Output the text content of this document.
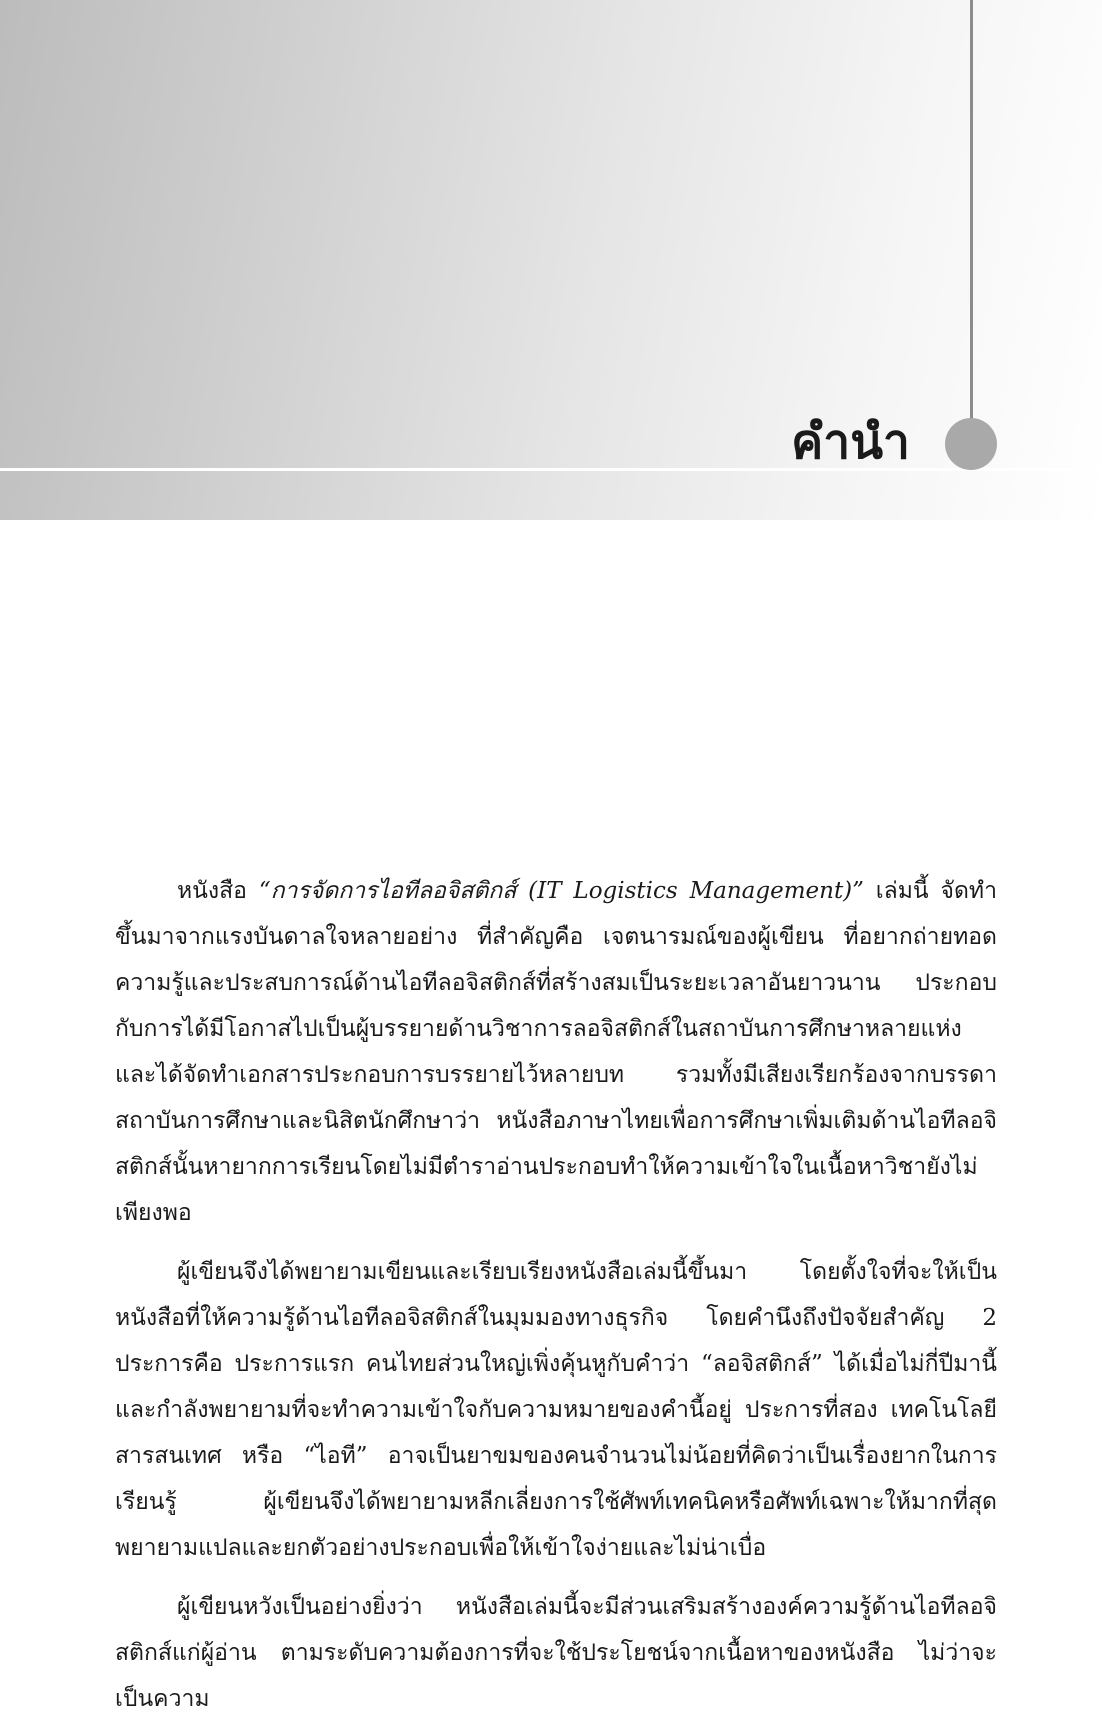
คำนำ

หนังสือ “การจัดการไอทีลอจิสติกส์ (IT Logistics Management)” เล่มนี้ จัดทำขึ้นมาจากแรงบันดาลใจหลายอย่าง ที่สำคัญคือ เจตนารมณ์ของผู้เขียน ที่อยากถ่ายทอดความรู้และประสบการณ์ด้านไอทีลอจิสติกส์ที่สร้างสมเป็นระยะเวลาอันยาวนาน ประกอบกับการได้มีโอกาสไปเป็นผู้บรรยายด้านวิชาการลอจิสติกส์ในสถาบันการศึกษาหลายแห่ง และได้จัดทำเอกสารประกอบการบรรยายไว้หลายบท รวมทั้งมีเสียงเรียกร้องจากบรรดาสถาบันการศึกษาและนิสิตนักศึกษาว่า หนังสือภาษาไทยเพื่อการศึกษาเพิ่มเติมด้านไอทีลอจิสติกส์นั้นหายากการเรียนโดยไม่มีตำราอ่านประกอบทำให้ความเข้าใจในเนื้อหาวิชายังไม่เพียงพอ

ผู้เขียนจึงได้พยายามเขียนและเรียบเรียงหนังสือเล่มนี้ขึ้นมา โดยตั้งใจที่จะให้เป็นหนังสือที่ให้ความรู้ด้านไอทีลอจิสติกส์ในมุมมองทางธุรกิจ โดยคำนึงถึงปัจจัยสำคัญ 2 ประการคือ ประการแรก คนไทยส่วนใหญ่เพิ่งคุ้นหูกับคำว่า “ลอจิสติกส์” ได้เมื่อไม่กี่ปีมานี้ และกำลังพยายามที่จะทำความเข้าใจกับความหมายของคำนี้อยู่ ประการที่สอง เทคโนโลยีสารสนเทศ หรือ “ไอที” อาจเป็นยาขมของคนจำนวนไม่น้อยที่คิดว่าเป็นเรื่องยากในการเรียนรู้ ผู้เขียนจึงได้พยายามหลีกเลี่ยงการใช้ศัพท์เทคนิคหรือศัพท์เฉพาะให้มากที่สุด พยายามแปลและยกตัวอย่างประกอบเพื่อให้เข้าใจง่ายและไม่น่าเบื่อ

ผู้เขียนหวังเป็นอย่างยิ่งว่า หนังสือเล่มนี้จะมีส่วนเสริมสร้างองค์ความรู้ด้านไอทีลอจิสติกส์แก่ผู้อ่าน ตามระดับความต้องการที่จะใช้ประโยชน์จากเนื้อหาของหนังสือ ไม่ว่าจะเป็นความ
